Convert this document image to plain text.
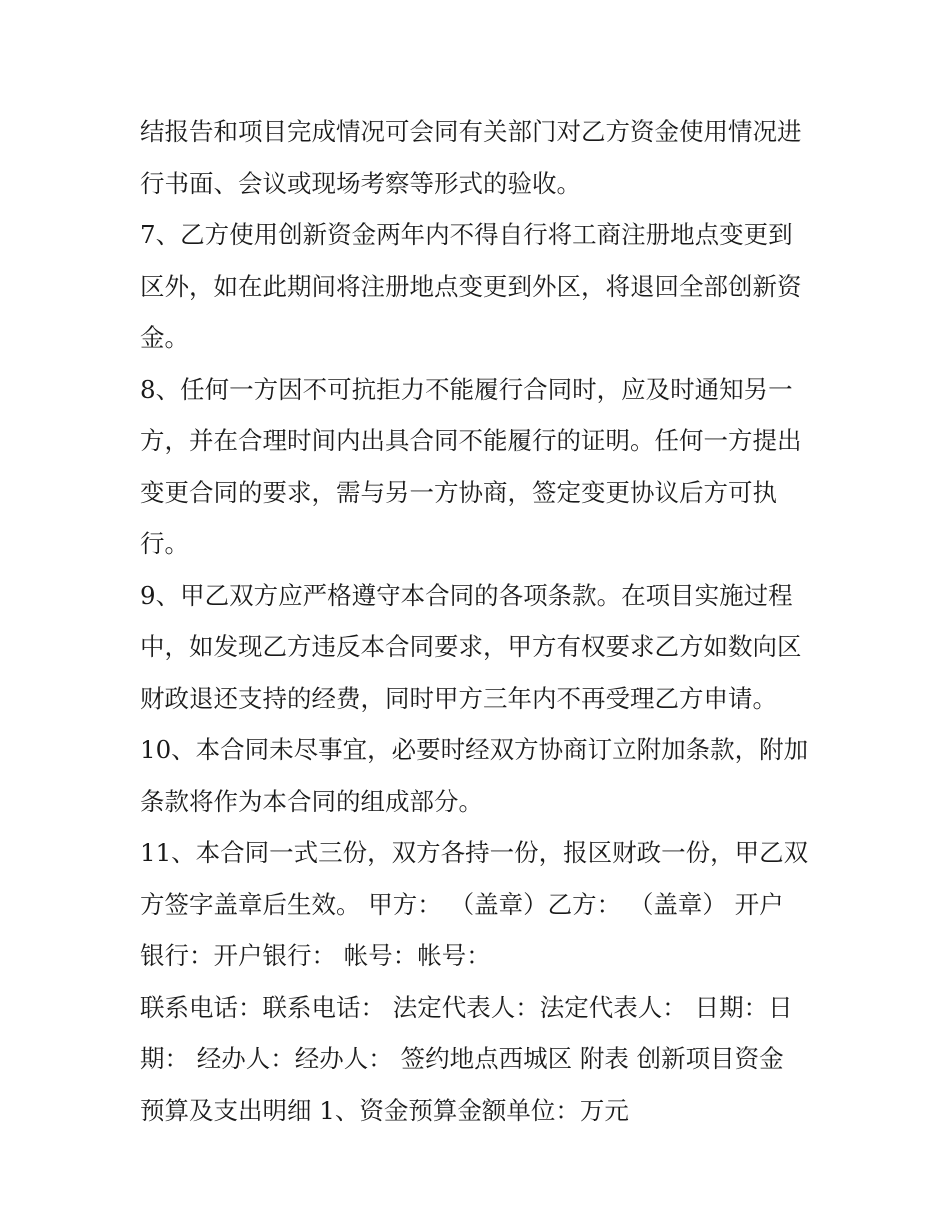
结报告和项目完成情况可会同有关部门对乙方资金使用情况进
行书面、会议或现场考察等形式的验收。
7、乙方使用创新资金两年内不得自行将工商注册地点变更到
区外，如在此期间将注册地点变更到外区，将退回全部创新资
金。
8、任何一方因不可抗拒力不能履行合同时，应及时通知另一
方，并在合理时间内出具合同不能履行的证明。任何一方提出
变更合同的要求，需与另一方协商，签定变更协议后方可执
行。
9、甲乙双方应严格遵守本合同的各项条款。在项目实施过程
中，如发现乙方违反本合同要求，甲方有权要求乙方如数向区
财政退还支持的经费，同时甲方三年内不再受理乙方申请。
10、本合同未尽事宜，必要时经双方协商订立附加条款，附加
条款将作为本合同的组成部分。
11、本合同一式三份，双方各持一份，报区财政一份，甲乙双
方签字盖章后生效。 甲方： （盖章）乙方： （盖章） 开户
银行：开户银行： 帐号：帐号：
联系电话：联系电话： 法定代表人：法定代表人： 日期：日
期： 经办人：经办人： 签约地点西城区 附表 创新项目资金
预算及支出明细 1、资金预算金额单位：万元
